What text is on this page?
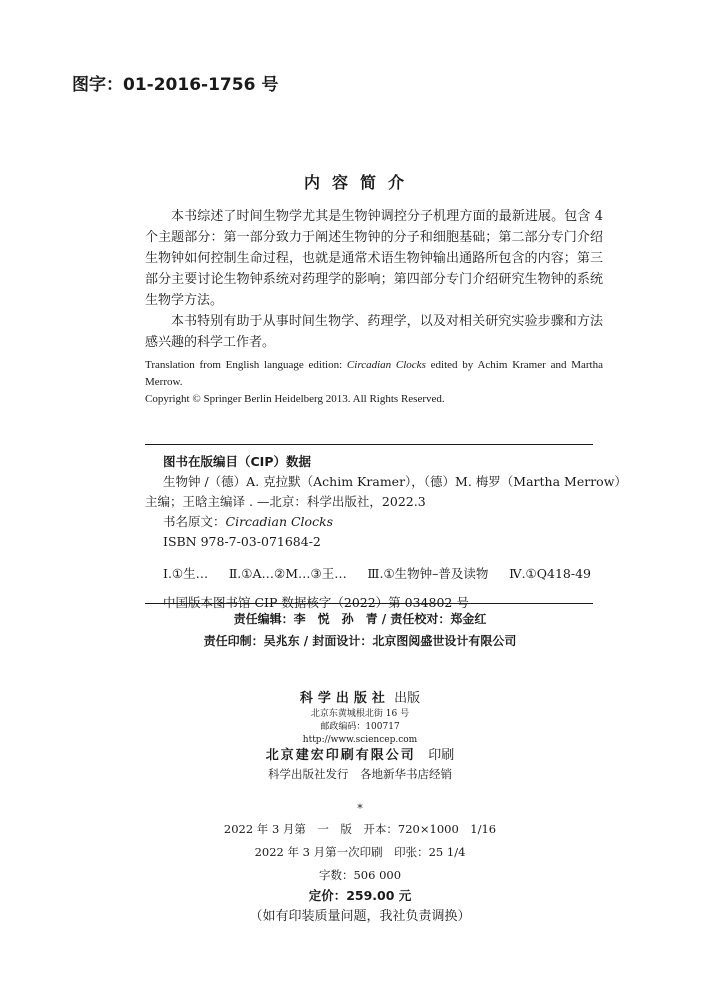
图字：01-2016-1756 号
内容简介

本书综述了时间生物学尤其是生物钟调控分子机理方面的最新进展。包含 4 个主题部分：第一部分致力于阐述生物钟的分子和细胞基础；第二部分专门介绍生物钟如何控制生命过程，也就是通常术语生物钟输出通路所包含的内容；第三部分主要讨论生物钟系统对药理学的影响；第四部分专门介绍研究生物钟的系统生物学方法。

本书特别有助于从事时间生物学、药理学，以及对相关研究实验步骤和方法感兴趣的科学工作者。

Translation from English language edition: Circadian Clocks edited by Achim Kramer and Martha Merrow.
Copyright © Springer Berlin Heidelberg 2013. All Rights Reserved.
图书在版编目（CIP）数据
生物钟 /（德）A. 克拉默（Achim Kramer），（德）M. 梅罗（Martha Merrow）
主编；王晗主编译 . —北京：科学出版社，2022.3
书名原文：Circadian Clocks
ISBN 978-7-03-071684-2
Ⅰ.①生… Ⅱ.①A…②M…③王… Ⅲ.①生物钟–普及读物 Ⅳ.①Q418-49
中国版本图书馆 CIP 数据核字（2022）第 034802 号
责任编辑：李　悦　孙　青 / 责任校对：郑金红
责任印制：吴兆东 / 封面设计：北京图阅盛世设计有限公司
科学出版社 出版
北京东黄城根北街 16 号
邮政编码：100717
http://www.sciencep.com
北京建宏印刷有限公司 印刷
科学出版社发行　各地新华书店经销
*
2022 年 3 月第　一　版　开本：720×1000　1/16
2022 年 3 月第一次印刷　印张：25 1/4
字数：506 000
定价：259.00 元
（如有印装质量问题，我社负责调换）
